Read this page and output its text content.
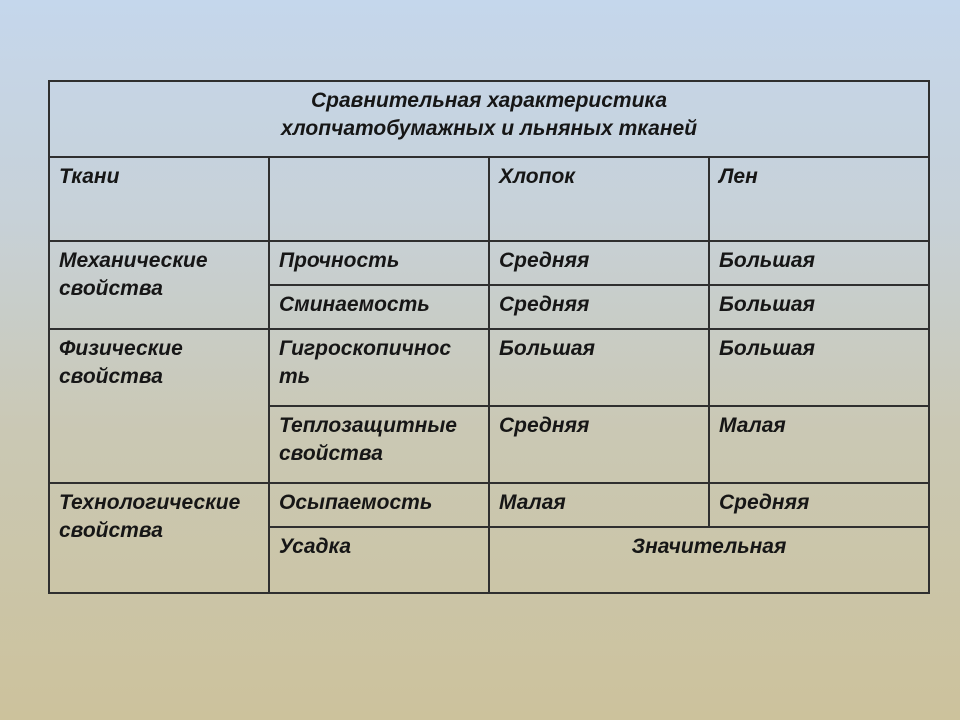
Сравнительная характеристика
хлопчатобумажных и льняных тканей			

Ткани		Хлопок	Лен
Механические свойства	Прочность	Средняя	Большая
	Сминаемость	Средняя	Большая
Физические свойства	Гигроскопичнос ть	Большая	Большая
	Теплозащитные свойства	Средняя	Малая
Технологические свойства	Осыпаемость	Малая	Средняя
	Усадка	Значительная	
